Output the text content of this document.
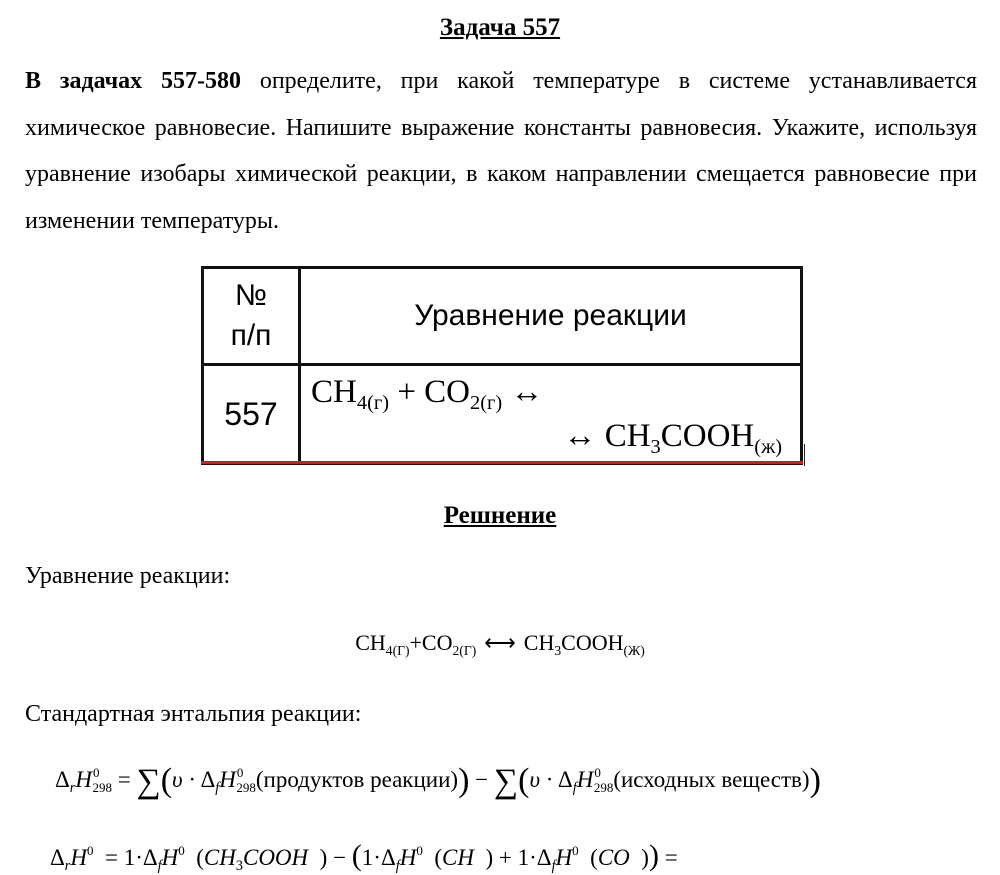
Задача 557
В задачах 557-580 определите, при какой температуре в системе устанавливается химическое равновесие. Напишите выражение константы равновесия. Укажите, используя уравнение изобары химической реакции, в каком направлении смещается равновесие при изменении температуры.
№
п/п	Уравнение реакции
557	$CH_{4(г)} + CO_{2(г)}$ ↔
↔ $CH_3COOH_{(ж)}$
Решнение
Уравнение реакции:
$CH_{4(Г)}+CO_{2(Г)}$ ⟷ $CH_3COOH_{(Ж)}$
Стандартная энтальпия реакции:
$\Delta_rH^0_{298} = \sum(\upsilon$ · $\Delta_fH^0_{298}(продуктов$ реакции)) − $\sum(\upsilon \cdot \Delta_fH^0_{298}(исходных$ веществ))
$\Delta_rH^0 = 1\cdot\Delta_fH^0$  ($CH_3COOH$  ) − ($1\cdot\Delta_fH^0$  (CH  ) + $1\cdot\Delta_fH^0$  (CO  )) =
